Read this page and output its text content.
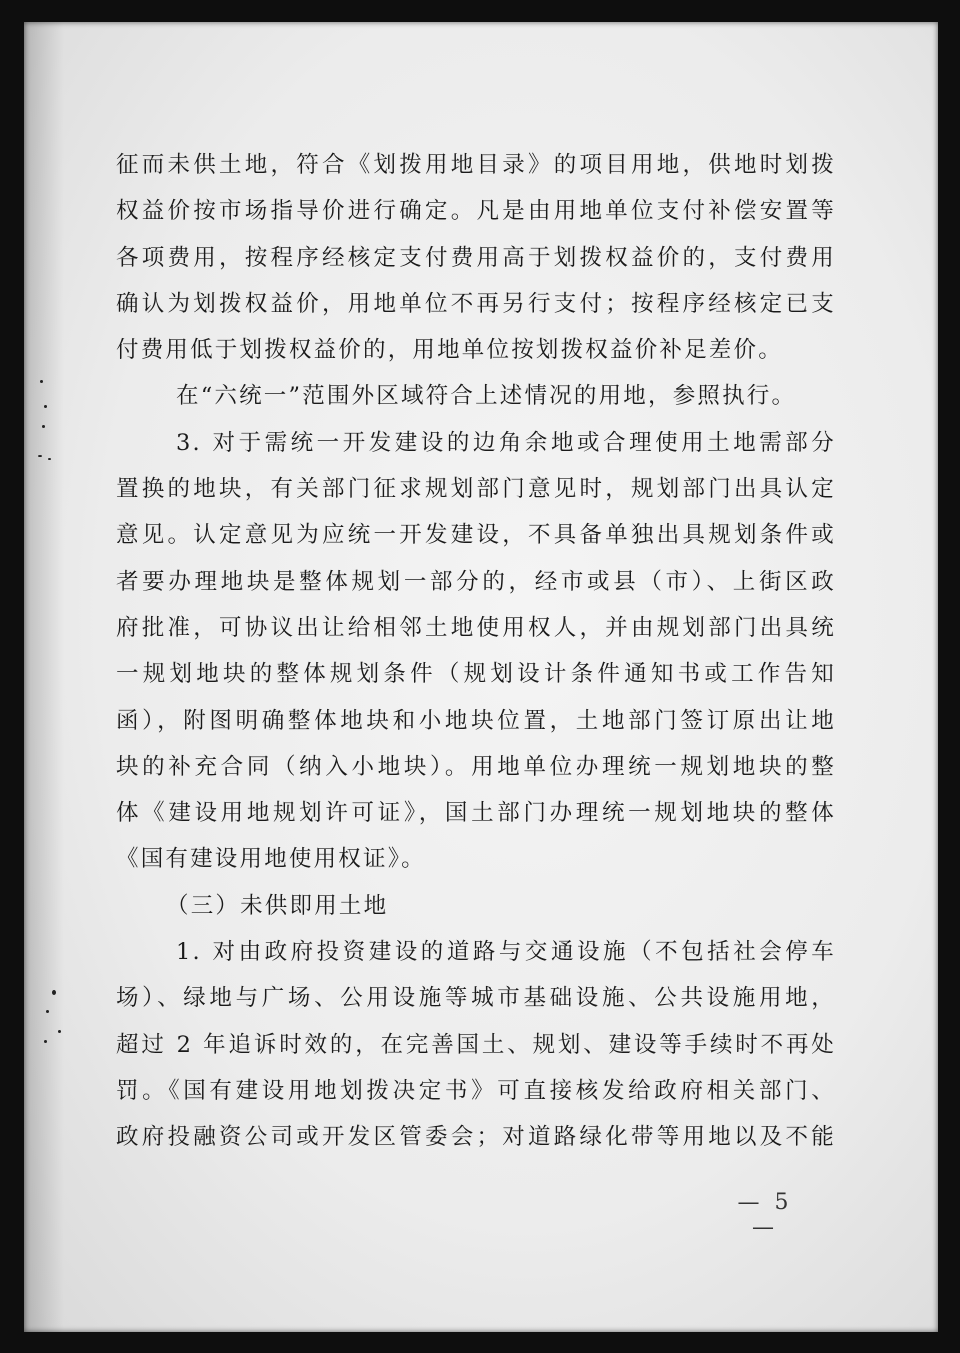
征而未供土地，符合《划拨用地目录》的项目用地，供地时划拨
权益价按市场指导价进行确定。凡是由用地单位支付补偿安置等
各项费用，按程序经核定支付费用高于划拨权益价的，支付费用
确认为划拨权益价，用地单位不再另行支付；按程序经核定已支
付费用低于划拨权益价的，用地单位按划拨权益价补足差价。
在“六统一”范围外区域符合上述情况的用地，参照执行。
3. 对于需统一开发建设的边角余地或合理使用土地需部分
置换的地块，有关部门征求规划部门意见时，规划部门出具认定
意见。认定意见为应统一开发建设，不具备单独出具规划条件或
者要办理地块是整体规划一部分的，经市或县（市）、上街区政
府批准，可协议出让给相邻土地使用权人，并由规划部门出具统
一规划地块的整体规划条件（规划设计条件通知书或工作告知
函），附图明确整体地块和小地块位置，土地部门签订原出让地
块的补充合同（纳入小地块）。用地单位办理统一规划地块的整
体《建设用地规划许可证》，国土部门办理统一规划地块的整体
《国有建设用地使用权证》。
（三）未供即用土地
1. 对由政府投资建设的道路与交通设施（不包括社会停车
场）、绿地与广场、公用设施等城市基础设施、公共设施用地，
超过 2 年追诉时效的，在完善国土、规划、建设等手续时不再处
罚。《国有建设用地划拨决定书》可直接核发给政府相关部门、
政府投融资公司或开发区管委会；对道路绿化带等用地以及不能
— 5 —
